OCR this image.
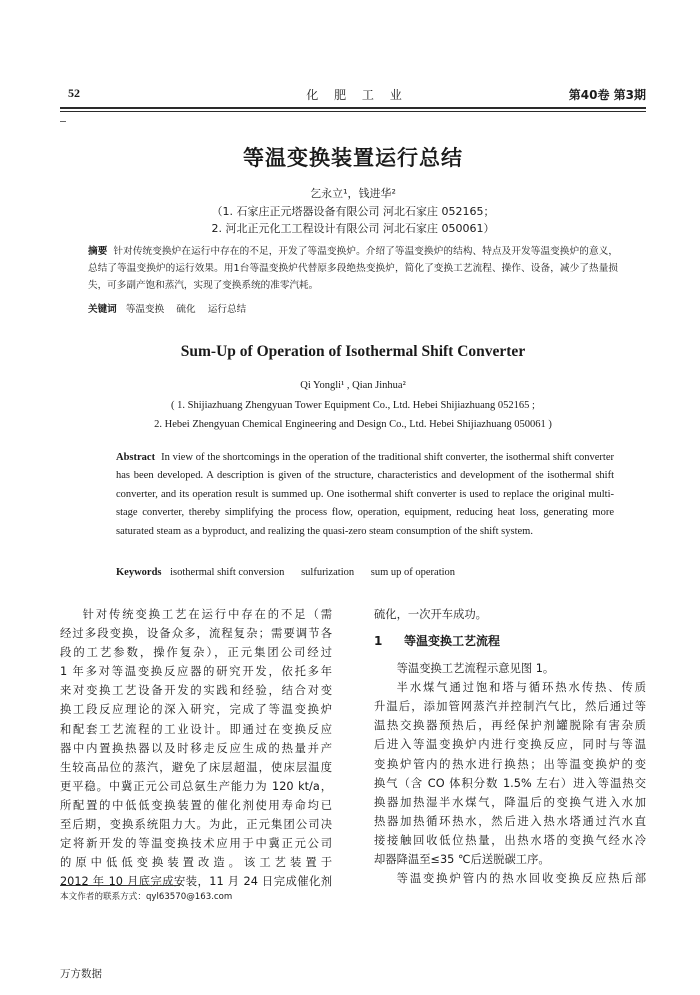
52	化 肥 工 业	第40卷 第3期
等温变换装置运行总结
乞永立¹，钱进华²
（1. 石家庄正元塔器设备有限公司 河北石家庄 052165；
2. 河北正元化工工程设计有限公司 河北石家庄 050061）
摘要 针对传统变换炉在运行中存在的不足，开发了等温变换炉。介绍了等温变换炉的结构、特点及开发等温变换炉的意义，总结了等温变换炉的运行效果。用1台等温变换炉代替原多段绝热变换炉，简化了变换工艺流程、操作、设备，减少了热量损失，可多副产饱和蒸汽，实现了变换系统的准零汽耗。
关键词 等温变换 硫化 运行总结
Sum-Up of Operation of Isothermal Shift Converter
Qi Yongli¹ , Qian Jinhua²
( 1. Shijiazhuang Zhengyuan Tower Equipment Co., Ltd. Hebei Shijiazhuang 052165 ;
2. Hebei Zhengyuan Chemical Engineering and Design Co., Ltd. Hebei Shijiazhuang 050061 )
Abstract In view of the shortcomings in the operation of the traditional shift converter, the isothermal shift converter has been developed. A description is given of the structure, characteristics and development of the isothermal shift converter, and its operation result is summed up. One isothermal shift converter is used to replace the original multi-stage converter, thereby simplifying the process flow, operation, equipment, reducing heat loss, generating more saturated steam as a byproduct, and realizing the quasi-zero steam consumption of the shift system.
Keywords isothermal shift conversion sulfurization sum up of operation
针对传统变换工艺在运行中存在的不足（需
经过多段变换，设备众多，流程复杂；需要调节各
段的工艺参数，操作复杂），正元集团公司经过
1 年多对等温变换反应器的研究开发，依托多年
来对变换工艺设备开发的实践和经验，结合对变
换工段反应理论的深入研究，完成了等温变换炉
和配套工艺流程的工业设计。即通过在变换反应
器中内置换热器以及时移走反应生成的热量并产
生较高品位的蒸汽，避免了床层超温，使床层温度
更平稳。中冀正元公司总氨生产能力为 120 kt/a，
所配置的中低低变换装置的催化剂使用寿命均已
至后期，变换系统阻力大。为此，正元集团公司决
定将新开发的等温变换技术应用于中冀正元公司
的原中低低变换装置改造。该工艺装置于
2012 年 10 月底完成安装，11 月 24 日完成催化剂
硫化，一次开车成功。
1 等温变换工艺流程
等温变换工艺流程示意见图 1。
半水煤气通过饱和塔与循环热水传热、传质
升温后，添加管网蒸汽并控制汽气比，然后通过等
温热交换器预热后，再经保护剂罐脱除有害杂质
后进入等温变换炉内进行变换反应，同时与等温
变换炉管内的热水进行换热；出等温变换炉的变
换气（含 CO 体积分数 1.5% 左右）进入等温热交
换器加热湿半水煤气，降温后的变换气进入水加
热器加热循环热水，然后进入热水塔通过汽水直
接接触回收低位热量，出热水塔的变换气经水冷
却器降温至≤35 ℃后送脱碳工序。
等温变换炉管内的热水回收变换反应热后部
本文作者的联系方式：qyl63570@163.com
万方数据
